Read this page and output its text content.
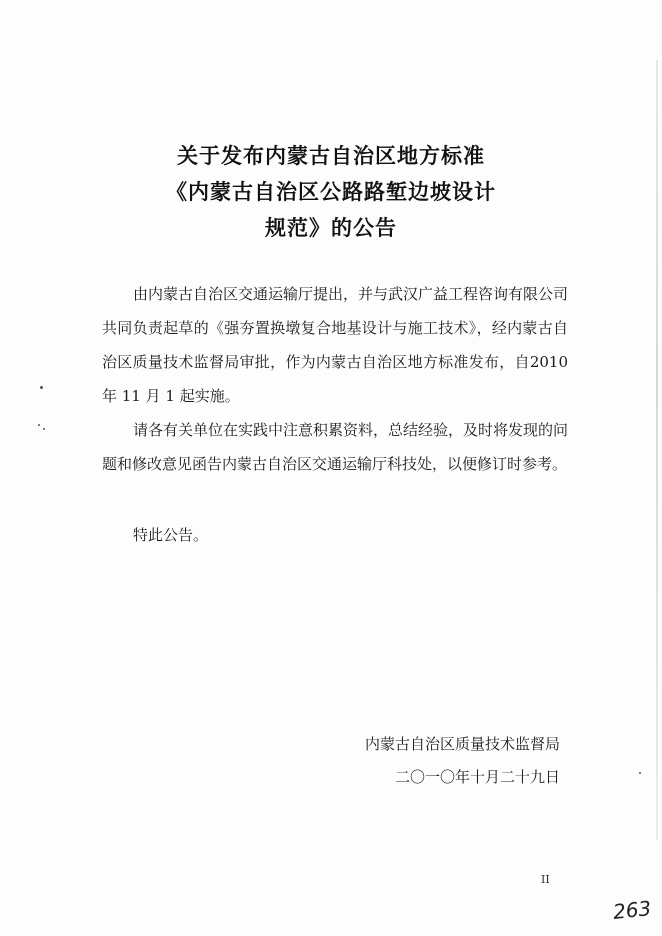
关于发布内蒙古自治区地方标准
《内蒙古自治区公路路堑边坡设计
规范》的公告
由内蒙古自治区交通运输厅提出，并与武汉广益工程咨询有限公司共同负责起草的《强夯置换墩复合地基设计与施工技术》，经内蒙古自治区质量技术监督局审批，作为内蒙古自治区地方标准发布，自2010 年 11 月 1 起实施。
请各有关单位在实践中注意积累资料，总结经验，及时将发现的问题和修改意见函告内蒙古自治区交通运输厅科技处，以便修订时参考。
特此公告。
内蒙古自治区质量技术监督局
二〇一〇年十月二十九日
II
263
